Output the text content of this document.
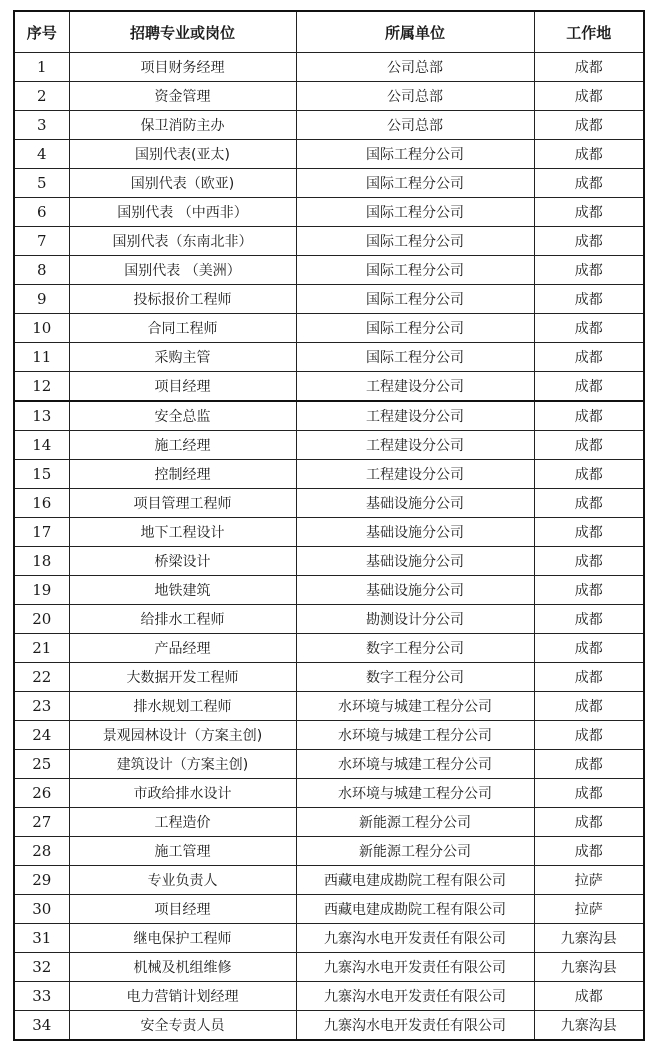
序号	招聘专业或岗位	所属单位	工作地
1	项目财务经理	公司总部	成都
2	资金管理	公司总部	成都
3	保卫消防主办	公司总部	成都
4	国别代表(亚太)	国际工程分公司	成都
5	国别代表（欧亚)	国际工程分公司	成都
6	国别代表 （中西非）	国际工程分公司	成都
7	国别代表（东南北非）	国际工程分公司	成都
8	国别代表 （美洲）	国际工程分公司	成都
9	投标报价工程师	国际工程分公司	成都
10	合同工程师	国际工程分公司	成都
11	采购主管	国际工程分公司	成都
12	项目经理	工程建设分公司	成都
13	安全总监	工程建设分公司	成都
14	施工经理	工程建设分公司	成都
15	控制经理	工程建设分公司	成都
16	项目管理工程师	基础设施分公司	成都
17	地下工程设计	基础设施分公司	成都
18	桥梁设计	基础设施分公司	成都
19	地铁建筑	基础设施分公司	成都
20	给排水工程师	勘测设计分公司	成都
21	产品经理	数字工程分公司	成都
22	大数据开发工程师	数字工程分公司	成都
23	排水规划工程师	水环境与城建工程分公司	成都
24	景观园林设计（方案主创)	水环境与城建工程分公司	成都
25	建筑设计（方案主创)	水环境与城建工程分公司	成都
26	市政给排水设计	水环境与城建工程分公司	成都
27	工程造价	新能源工程分公司	成都
28	施工管理	新能源工程分公司	成都
29	专业负责人	西藏电建成勘院工程有限公司	拉萨
30	项目经理	西藏电建成勘院工程有限公司	拉萨
31	继电保护工程师	九寨沟水电开发责任有限公司	九寨沟县
32	机械及机组维修	九寨沟水电开发责任有限公司	九寨沟县
33	电力营销计划经理	九寨沟水电开发责任有限公司	成都
34	安全专责人员	九寨沟水电开发责任有限公司	九寨沟县
